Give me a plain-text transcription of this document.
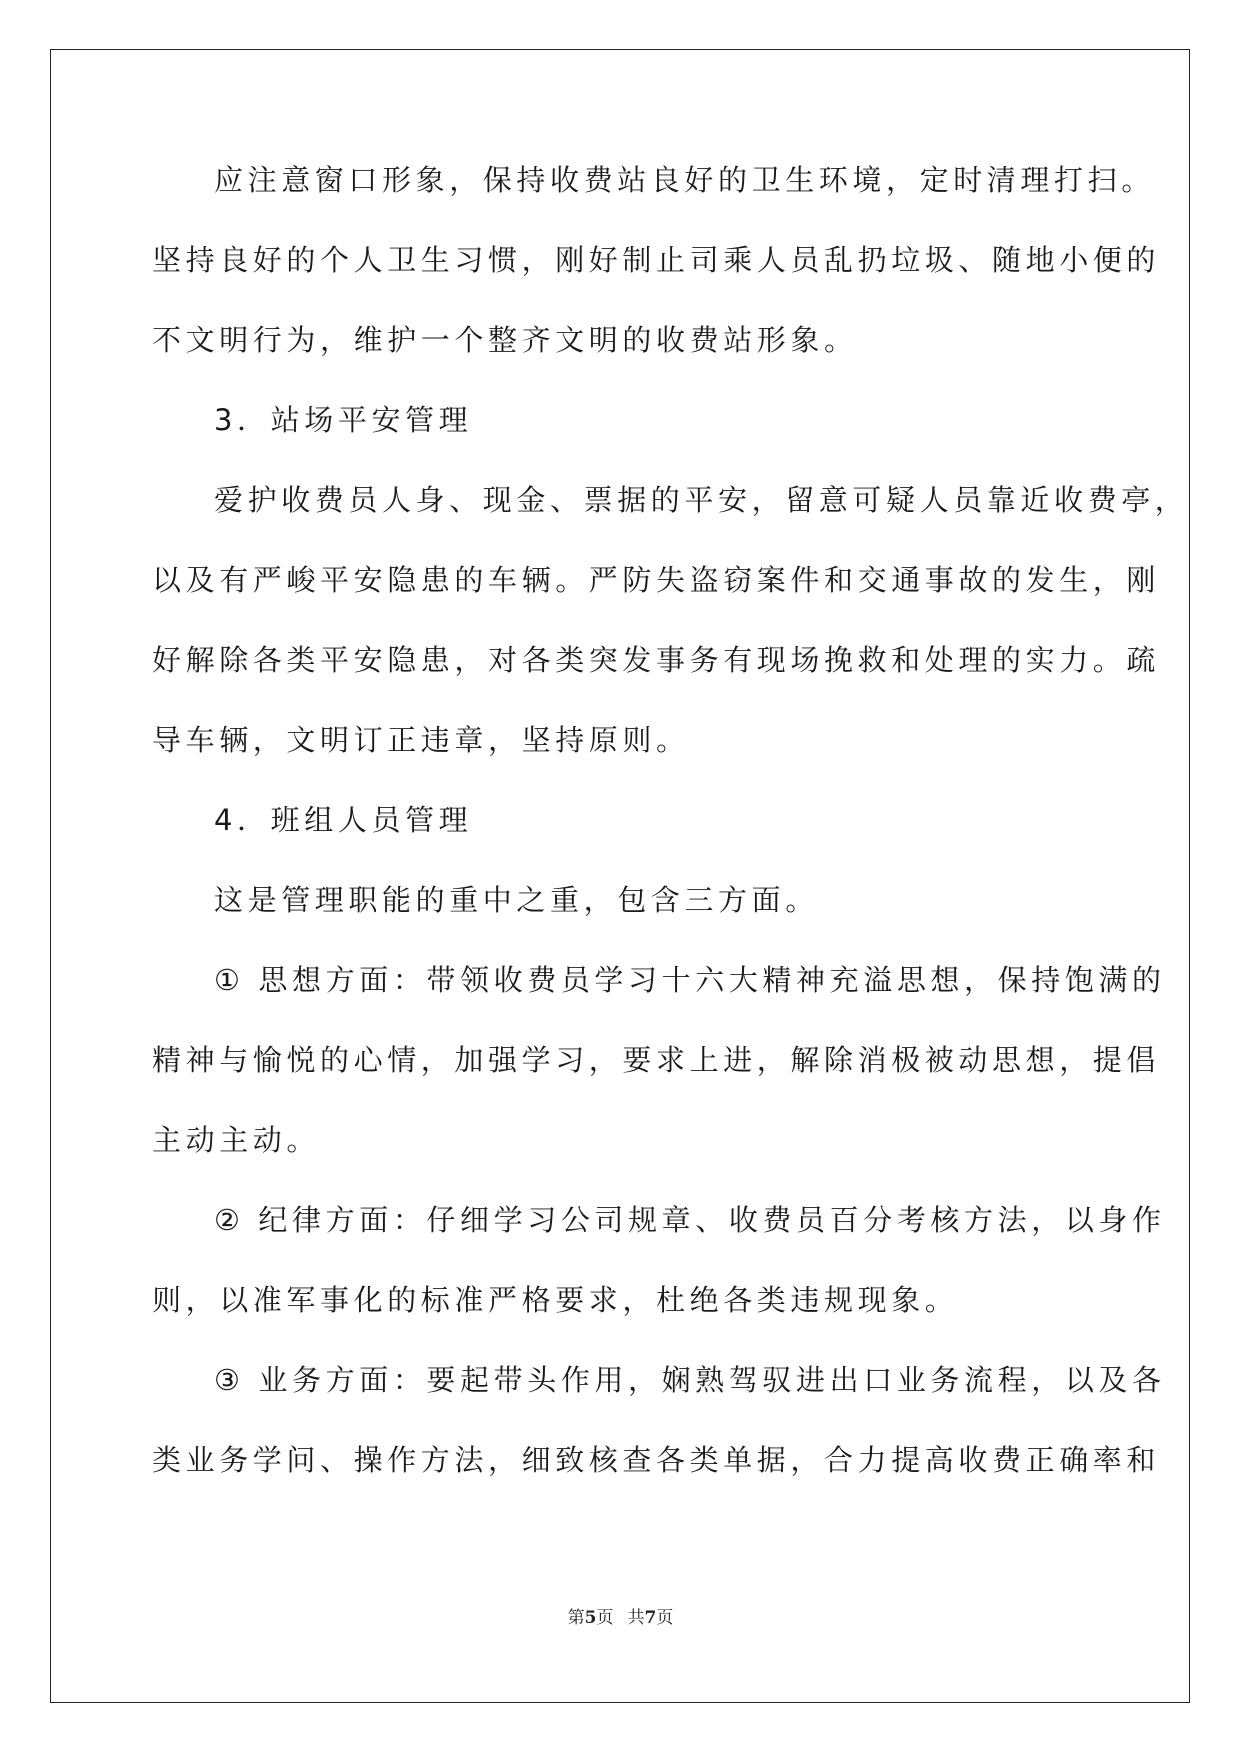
应注意窗口形象，保持收费站良好的卫生环境，定时清理打扫。
坚持良好的个人卫生习惯，刚好制止司乘人员乱扔垃圾、随地小便的
不文明行为，维护一个整齐文明的收费站形象。
3．站场平安管理
爱护收费员人身、现金、票据的平安，留意可疑人员靠近收费亭，
以及有严峻平安隐患的车辆。严防失盗窃案件和交通事故的发生，刚
好解除各类平安隐患，对各类突发事务有现场挽救和处理的实力。疏
导车辆，文明订正违章，坚持原则。
4．班组人员管理
这是管理职能的重中之重，包含三方面。
① 思想方面：带领收费员学习十六大精神充溢思想，保持饱满的
精神与愉悦的心情，加强学习，要求上进，解除消极被动思想，提倡
主动主动。
② 纪律方面：仔细学习公司规章、收费员百分考核方法，以身作
则，以准军事化的标准严格要求，杜绝各类违规现象。
③ 业务方面：要起带头作用，娴熟驾驭进出口业务流程，以及各
类业务学问、操作方法，细致核查各类单据，合力提高收费正确率和
第5页 共7页
